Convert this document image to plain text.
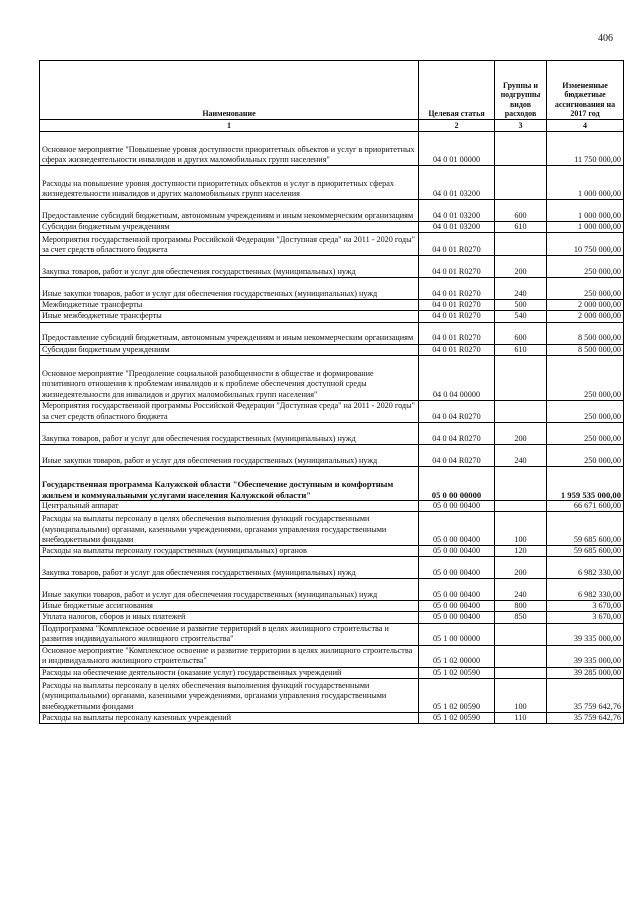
406
Наименование	Целевая статья	Группы и подгруппы видов расходов	Измененные бюджетные ассигнования на 2017 год
1	2	3	4
Основное мероприятие "Повышение уровня доступности приоритетных объектов и услуг в приоритетных сферах жизнедеятельности инвалидов и других маломобильных групп населения"	04 0 01 00000		11 750 000,00
Расходы на повышение уровня доступности приоритетных объектов и услуг в приоритетных сферах жизнедеятельности инвалидов и других маломобильных групп населения	04 0 01 03200		1 000 000,00
Предоставление субсидий бюджетным, автономным учреждениям и иным некоммерческим организациям	04 0 01 03200	600	1 000 000,00
Субсидии бюджетным учреждениям	04 0 01 03200	610	1 000 000,00
Мероприятия государственной программы Российской Федерации "Доступная среда" на 2011 - 2020 годы" за счет средств областного бюджета	04 0 01 R0270		10 750 000,00
Закупка товаров, работ и услуг для обеспечения государственных (муниципальных) нужд	04 0 01 R0270	200	250 000,00
Иные закупки товаров, работ и услуг для обеспечения государственных (муниципальных) нужд	04 0 01 R0270	240	250 000,00
Межбюджетные трансферты	04 0 01 R0270	500	2 000 000,00
Иные межбюджетные трансферты	04 0 01 R0270	540	2 000 000,00
Предоставление субсидий бюджетным, автономным учреждениям и иным некоммерческим организациям	04 0 01 R0270	600	8 500 000,00
Субсидии бюджетным учреждениям	04 0 01 R0270	610	8 500 000,00
Основное мероприятие "Преодоление социальной разобщенности в обществе и формирование позитивного отношения к проблемам инвалидов и к проблеме обеспечения доступной среды жизнедеятельности для инвалидов и других маломобильных групп населения"	04 0 04 00000		250 000,00
Мероприятия государственной программы Российской Федерации "Доступная среда" на 2011 - 2020 годы" за счет средств областного бюджета	04 0 04 R0270		250 000,00
Закупка товаров, работ и услуг для обеспечения государственных (муниципальных) нужд	04 0 04 R0270	200	250 000,00
Иные закупки товаров, работ и услуг для обеспечения государственных (муниципальных) нужд	04 0 04 R0270	240	250 000,00
Государственная программа Калужской области "Обеспечение доступным и комфортным жильем и коммунальными услугами населения Калужской области"	05 0 00 00000		1 959 535 000,00
Центральный аппарат	05 0 00 00400		66 671 600,00
Расходы на выплаты персоналу в целях обеспечения выполнения функций государственными (муниципальными) органами, казенными учреждениями, органами управления государственными внебюджетными фондами	05 0 00 00400	100	59 685 600,00
Расходы на выплаты персоналу государственных (муниципальных) органов	05 0 00 00400	120	59 685 600,00
Закупка товаров, работ и услуг для обеспечения государственных (муниципальных) нужд	05 0 00 00400	200	6 982 330,00
Иные закупки товаров, работ и услуг для обеспечения государственных (муниципальных) нужд	05 0 00 00400	240	6 982 330,00
Иные бюджетные ассигнования	05 0 00 00400	800	3 670,00
Уплата налогов, сборов и иных платежей	05 0 00 00400	850	3 670,00
Подпрограмма "Комплексное освоение и развитие территорий в целях жилищного строительства и развития индивидуального жилищного строительства"	05 1 00 00000		39 335 000,00
Основное мероприятие "Комплексное освоение и развитие территории в целях жилищного строительства и индивидуального жилищного строительства"	05 1 02 00000		39 335 000,00
Расходы на обеспечение деятельности (оказание услуг) государственных учреждений	05 1 02 00590		39 285 000,00
Расходы на выплаты персоналу в целях обеспечения выполнения функций государственными (муниципальными) органами, казенными учреждениями, органами управления государственными внебюджетными фондами	05 1 02 00590	100	35 759 642,76
Расходы на выплаты персоналу казенных учреждений	05 1 02 00590	110	35 759 642,76
